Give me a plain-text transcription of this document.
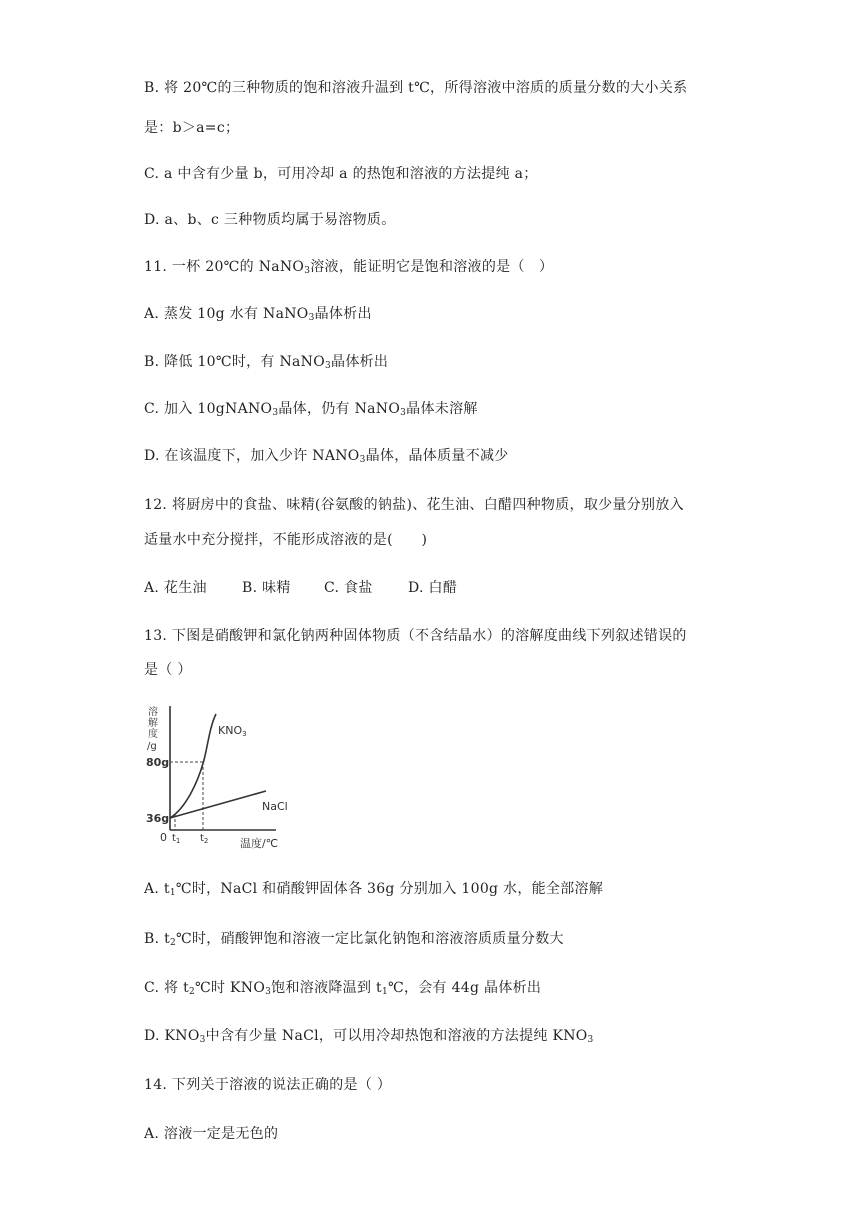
B. 将 20℃的三种物质的饱和溶液升温到 t℃，所得溶液中溶质的质量分数的大小关系
是：b＞a=c；
C. a 中含有少量 b，可用冷却 a 的热饱和溶液的方法提纯 a；
D. a、b、c 三种物质均属于易溶物质。
11. 一杯 20℃的 NaNO$_3$溶液，能证明它是饱和溶液的是（　）
A. 蒸发 10g 水有 NaNO$_3$晶体析出
B. 降低 10℃时，有 NaNO$_3$晶体析出
C. 加入 10gNANO$_3$晶体，仍有 NaNO$_3$晶体未溶解
D. 在该温度下，加入少许 $NANO_3$晶体，晶体质量不减少
12. 将厨房中的食盐、味精(谷氨酸的钠盐)、花生油、白醋四种物质，取少量分别放入
适量水中充分搅拌，不能形成溶液的是(　　)
A. 花生油	B. 味精 C. 食盐	D. 白醋
13. 下图是硝酸钾和氯化钠两种固体物质（不含结晶水）的溶解度曲线下列叙述错误的
是（ ）
溶
解
度
/g
KNO3
NaCl
80g
36g
0 $t_1$ $t_2$	温度/℃
A. $t_1℃$时，NaCl 和硝酸钾固体各 36g 分别加入 100g 水，能全部溶解
B. $t_2℃$时，硝酸钾饱和溶液一定比氯化钠饱和溶液溶质质量分数大
C. 将 $t_2℃$时 $KNO_3$饱和溶液降温到 $t_1℃$，会有 44g 晶体析出
D. $KNO_3$中含有少量 NaCl，可以用冷却热饱和溶液的方法提纯 $KNO_3$
14. 下列关于溶液的说法正确的是（ ）
A. 溶液一定是无色的
